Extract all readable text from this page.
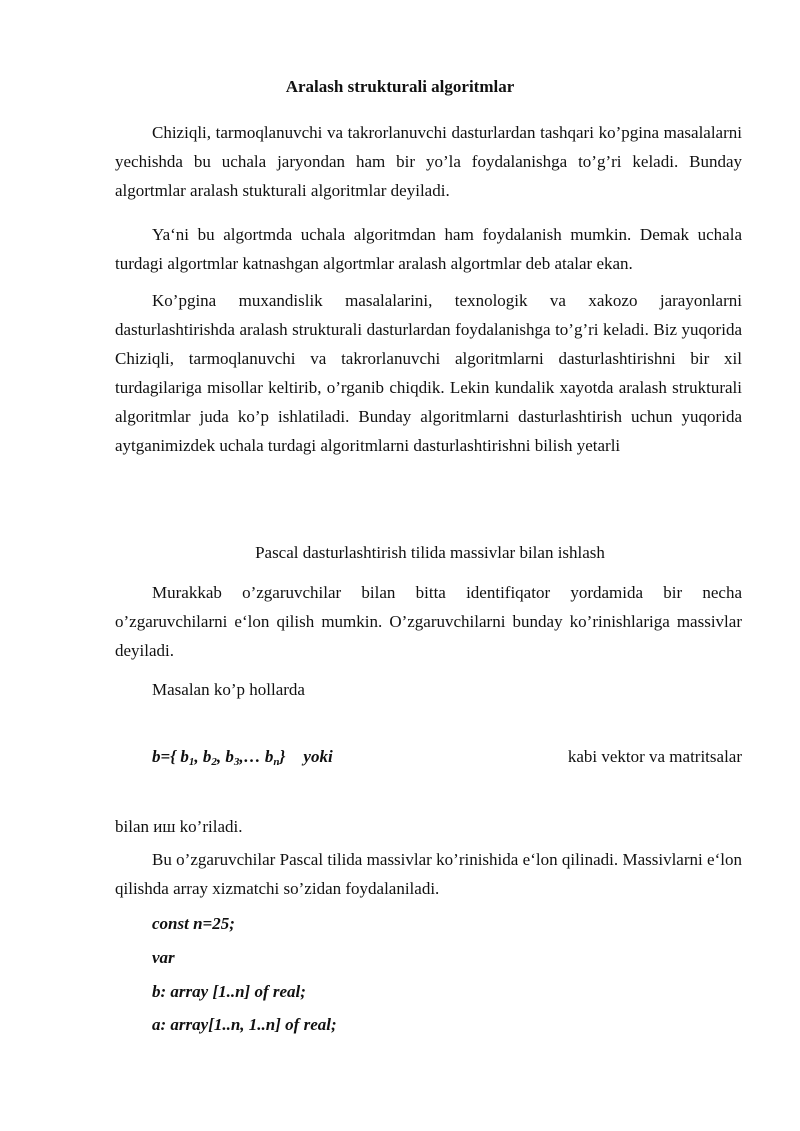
Aralash strukturali algoritmlar

Chiziqli, tarmoqlanuvchi va takrorlanuvchi dasturlardan tashqari ko’pgina masalalarni yechishda bu uchala jaryondan ham bir yo’la foydalanishga to’g’ri keladi. Bunday algortmlar aralash stukturali algoritmlar deyiladi.

Ya‘ni bu algortmda uchala algoritmdan ham foydalanish mumkin. Demak uchala turdagi algortmlar katnashgan algortmlar aralash algortmlar deb atalar ekan.

Ko’pgina muxandislik masalalarini, texnologik va xakozo jarayonlarni dasturlashtirishda aralash strukturali dasturlardan foydalanishga to’g’ri keladi. Biz yuqorida Chiziqli, tarmoqlanuvchi va takrorlanuvchi algoritmlarni dasturlashtirishni bir xil turdagilariga misollar keltirib, o’rganib chiqdik. Lekin kundalik xayotda aralash strukturali algoritmlar juda ko’p ishlatiladi. Bunday algoritmlarni dasturlashtirish uchun yuqorida aytganimizdek uchala turdagi algoritmlarni dasturlashtirishni bilish yetarli

Pascal dasturlashtirish tilida massivlar bilan ishlash

Murakkab o’zgaruvchilar bilan bitta identifiqator yordamida bir necha o’zgaruvchilarni e‘lon qilish mumkin. O’zgaruvchilarni bunday ko’rinishlariga massivlar deyiladi.

Masalan ko’p hollarda

b={ $b_1$, $b_2$, $b_3,\dots$ $b_n$} yoki	kabi vektor va matritsalar

bilan иш ko’riladi.

Bu o’zgaruvchilar Pascal tilida massivlar ko’rinishida e‘lon qilinadi. Massivlarni e‘lon qilishda array xizmatchi so’zidan foydalaniladi.

const n=25;
var
b: array [1..n] of real;
a: array[1..n, 1..n] of real;
